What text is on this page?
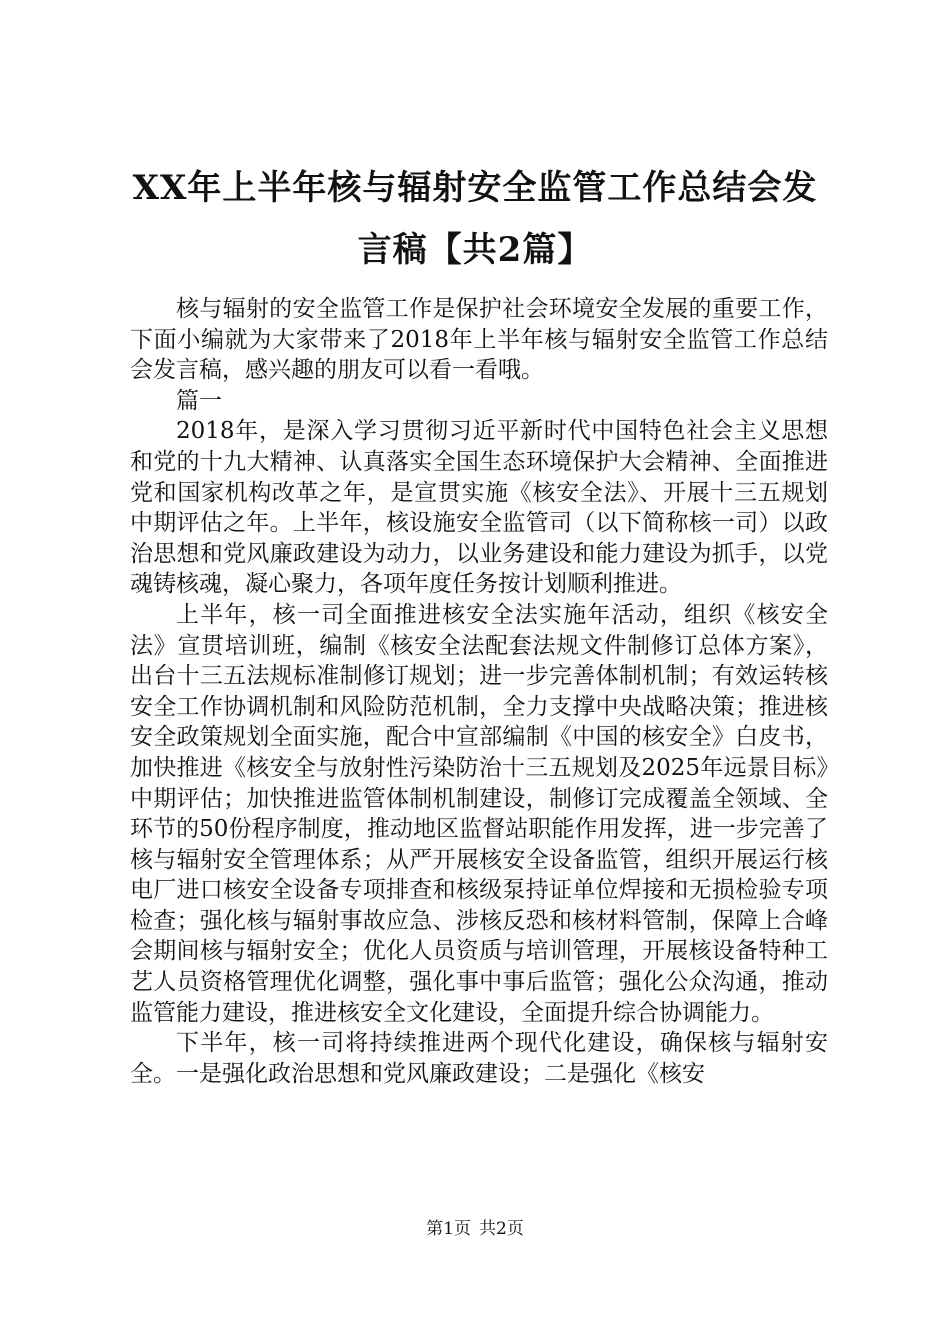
XX年上半年核与辐射安全监管工作总结会发
言稿【共2篇】

核与辐射的安全监管工作是保护社会环境安全发展的重要工作，下面小编就为大家带来了2018年上半年核与辐射安全监管工作总结会发言稿，感兴趣的朋友可以看一看哦。

篇一

2018年，是深入学习贯彻习近平新时代中国特色社会主义思想和党的十九大精神、认真落实全国生态环境保护大会精神、全面推进党和国家机构改革之年，是宣贯实施《核安全法》、开展十三五规划中期评估之年。上半年，核设施安全监管司（以下简称核一司）以政治思想和党风廉政建设为动力，以业务建设和能力建设为抓手，以党魂铸核魂，凝心聚力，各项年度任务按计划顺利推进。

上半年，核一司全面推进核安全法实施年活动，组织《核安全法》宣贯培训班，编制《核安全法配套法规文件制修订总体方案》，出台十三五法规标准制修订规划；进一步完善体制机制；有效运转核安全工作协调机制和风险防范机制，全力支撑中央战略决策；推进核安全政策规划全面实施，配合中宣部编制《中国的核安全》白皮书，加快推进《核安全与放射性污染防治十三五规划及2025年远景目标》中期评估；加快推进监管体制机制建设，制修订完成覆盖全领域、全环节的50份程序制度，推动地区监督站职能作用发挥，进一步完善了核与辐射安全管理体系；从严开展核安全设备监管，组织开展运行核电厂进口核安全设备专项排查和核级泵持证单位焊接和无损检验专项检查；强化核与辐射事故应急、涉核反恐和核材料管制，保障上合峰会期间核与辐射安全；优化人员资质与培训管理，开展核设备特种工艺人员资格管理优化调整，强化事中事后监管；强化公众沟通，推动监管能力建设，推进核安全文化建设，全面提升综合协调能力。

下半年，核一司将持续推进两个现代化建设，确保核与辐射安全。一是强化政治思想和党风廉政建设；二是强化《核安

第1页 共2页
